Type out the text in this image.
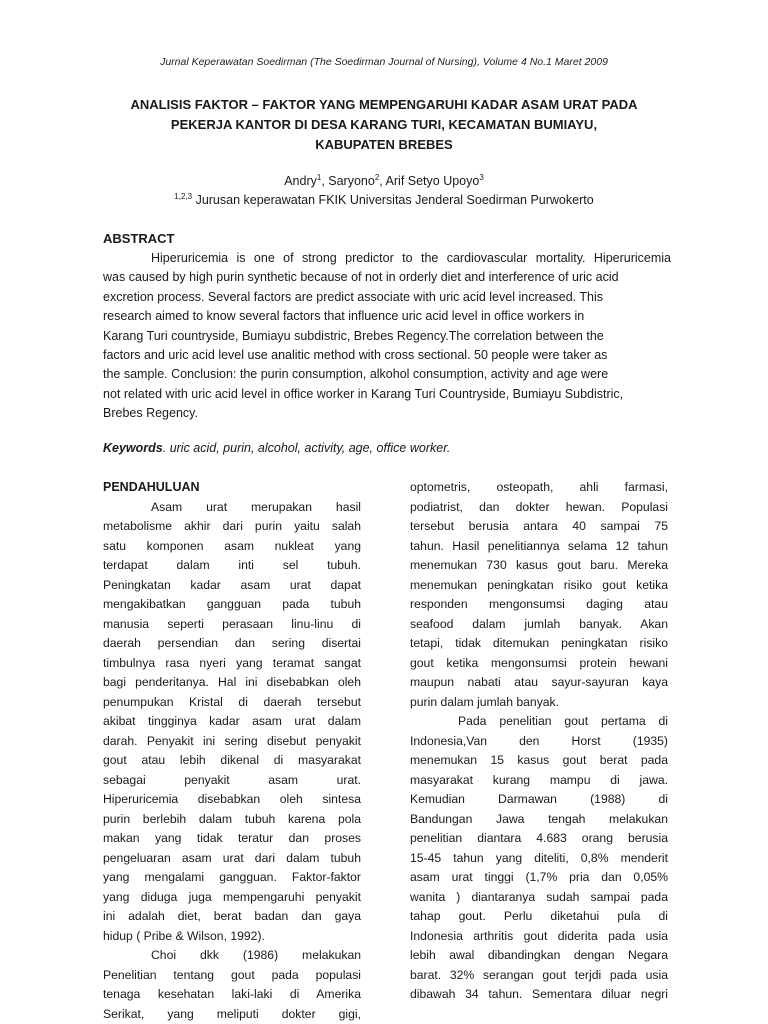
Jurnal Keperawatan Soedirman (The Soedirman Journal of Nursing), Volume 4 No.1 Maret 2009
ANALISIS FAKTOR – FAKTOR YANG MEMPENGARUHI KADAR ASAM URAT PADA
PEKERJA KANTOR DI DESA KARANG TURI, KECAMATAN BUMIAYU,
KABUPATEN BREBES
Andry$^1$, Saryono$^2$, Arif Setyo Upoyo$^3$
$^{1,2,3}$ Jurusan keperawatan FKIK Universitas Jenderal Soedirman Purwokerto
ABSTRACT
Hiperuricemia is one of strong predictor to the cardiovascular mortality. Hiperuricemia
was caused by high purin synthetic because of not in orderly diet and interference of uric acid
excretion process. Several factors are predict associate with uric acid level increased. This
research aimed to know several factors that influence uric acid level in office workers in
Karang Turi countryside, Bumiayu subdistric, Brebes Regency.The correlation between the
factors and uric acid level use analitic method with cross sectional. 50 people were taker as
the sample. Conclusion: the purin consumption, alkohol consumption, activity and age were
not related with uric acid level in office worker in Karang Turi Countryside, Bumiayu Subdistric,
Brebes Regency.
Keywords. uric acid, purin, alcohol, activity, age, office worker.
PENDAHULUAN
Asam urat merupakan hasil
metabolisme akhir dari purin yaitu salah
satu komponen asam nukleat yang
terdapat dalam inti sel tubuh.
Peningkatan kadar asam urat dapat
mengakibatkan gangguan pada tubuh
manusia seperti perasaan linu-linu di
daerah persendian dan sering disertai
timbulnya rasa nyeri yang teramat sangat
bagi penderitanya. Hal ini disebabkan oleh
penumpukan Kristal di daerah tersebut
akibat tingginya kadar asam urat dalam
darah. Penyakit ini sering disebut penyakit
gout atau lebih dikenal di masyarakat
sebagai penyakit asam urat.
Hiperuricemia disebabkan oleh sintesa
purin berlebih dalam tubuh karena pola
makan yang tidak teratur dan proses
pengeluaran asam urat dari dalam tubuh
yang mengalami gangguan. Faktor-faktor
yang diduga juga mempengaruhi penyakit
ini adalah diet, berat badan dan gaya
hidup ( Pribe & Wilson, 1992).
Choi dkk (1986) melakukan
Penelitian tentang gout pada populasi
tenaga kesehatan laki-laki di Amerika
Serikat, yang meliputi dokter gigi,
optometris, osteopath, ahli farmasi,
podiatrist, dan dokter hewan. Populasi
tersebut berusia antara 40 sampai 75
tahun. Hasil penelitiannya selama 12 tahun
menemukan 730 kasus gout baru. Mereka
menemukan peningkatan risiko gout ketika
responden mengonsumsi daging atau
seafood dalam jumlah banyak. Akan
tetapi, tidak ditemukan peningkatan risiko
gout ketika mengonsumsi protein hewani
maupun nabati atau sayur-sayuran kaya
purin dalam jumlah banyak.
Pada penelitian gout pertama di
Indonesia,Van den Horst (1935)
menemukan 15 kasus gout berat pada
masyarakat kurang mampu di jawa.
Kemudian Darmawan (1988) di
Bandungan Jawa tengah melakukan
penelitian diantara 4.683 orang berusia
15-45 tahun yang diteliti, 0,8% menderit
asam urat tinggi (1,7% pria dan 0,05%
wanita ) diantaranya sudah sampai pada
tahap gout. Perlu diketahui pula di
Indonesia arthritis gout diderita pada usia
lebih awal dibandingkan dengan Negara
barat. 32% serangan gout terjdi pada usia
dibawah 34 tahun. Sementara diluar negri
